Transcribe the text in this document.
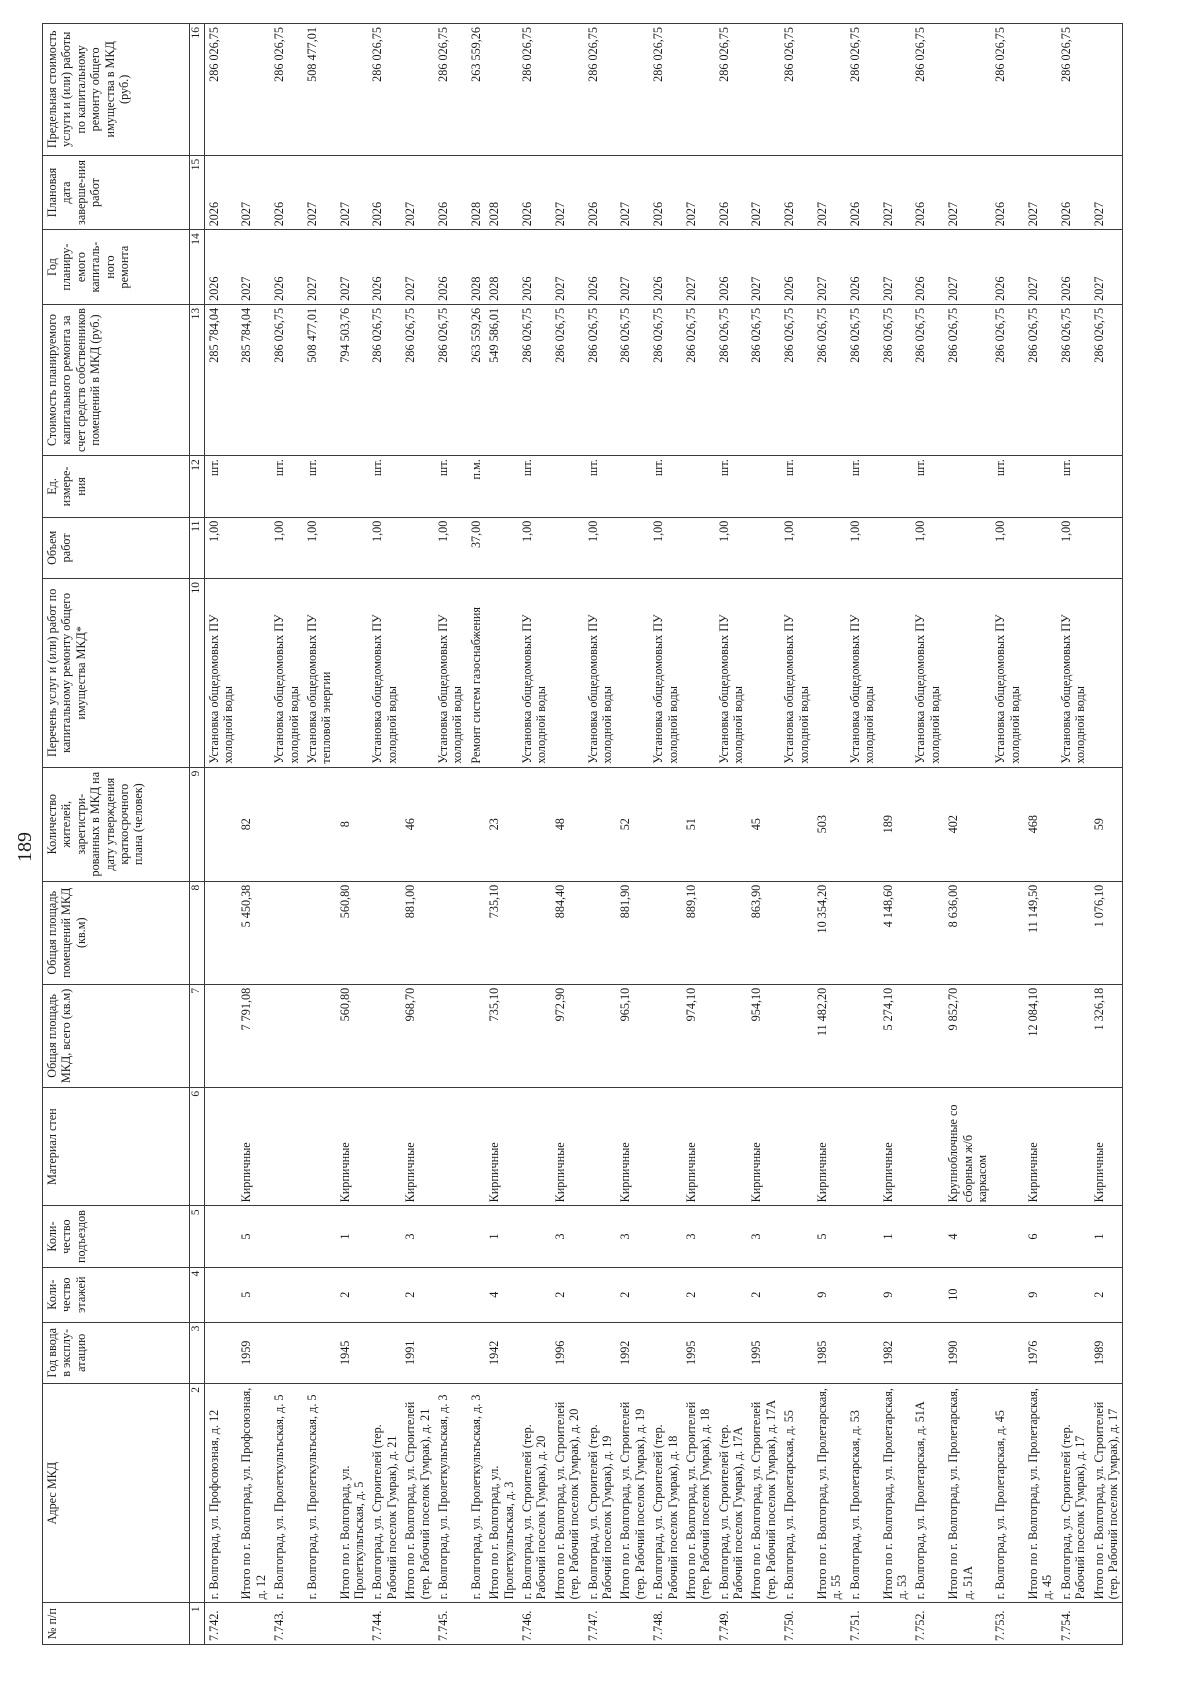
189
№ п/п	Адрес МКД	Год ввода в эксплу-атацию	Коли-чество этажей	Коли-чество подъездов	Материал стен	Общая площадь МКД, всего (кв.м)	Общая площадь помещений МКД (кв.м)	Количество жителей, зарегистри-рованных в МКД на дату утверждения краткосрочного плана (человек)	Перечень услуг и (или) работ по капитальному ремонту общего имущества МКД*	Объем работ	Ед. измере-ния	Стоимость планируемого капитального ремонта за счет средств собственников помещений в МКД (руб.)	Год планиру-емого капиталь-ного ремонта	Плановая дата заверше-ния работ	Предельная стоимость услуги и (или) работы по капитальному ремонту общего имущества в МКД (руб.)
1	2	3	4	5	6	7	8	9	10	11	12	13	14	15	16
7.742.	г. Волгоград, ул. Профсоюзная, д. 12								Установка общедомовых ПУ холодной воды	1,00	шт.	285 784,04	2026	2026	286 026,75
	Итого по г. Волгоград, ул. Профсоюзная, д. 12	1959	5	5	Кирпичные	7 791,08	5 450,38	82				285 784,04	2027	2027	
7.743.	г. Волгоград, ул. Пролеткультьская, д. 5								Установка общедомовых ПУ холодной воды	1,00	шт.	286 026,75	2026	2026	286 026,75
	г. Волгоград, ул. Пролеткультьская, д. 5								Установка общедомовых ПУ тепловой энергии	1,00	шт.	508 477,01	2027	2027	508 477,01
	Итого по г. Волгоград, ул. Пролеткультьская, д. 5	1945	2	1	Кирпичные	560,80	560,80	8				794 503,76	2027	2027	
7.744.	г. Волгоград, ул. Строителей (тер. Рабочий поселок Гумрак), д. 21								Установка общедомовых ПУ холодной воды	1,00	шт.	286 026,75	2026	2026	286 026,75
	Итого по г. Волгоград, ул. Строителей (тер. Рабочий поселок Гумрак), д. 21	1991	2	3	Кирпичные	968,70	881,00	46				286 026,75	2027	2027	
7.745.	г. Волгоград, ул. Пролеткультьская, д. 3								Установка общедомовых ПУ холодной воды	1,00	шт.	286 026,75	2026	2026	286 026,75
	г. Волгоград, ул. Пролеткультьская, д. 3								Ремонт систем газоснабжения	37,00	п.м.	263 559,26	2028	2028	263 559,26
	Итого по г. Волгоград, ул. Пролеткультьская, д. 3	1942	4	1	Кирпичные	735,10	735,10	23				549 586,01	2028	2028	
7.746.	г. Волгоград, ул. Строителей (тер. Рабочий поселок Гумрак), д. 20								Установка общедомовых ПУ холодной воды	1,00	шт.	286 026,75	2026	2026	286 026,75
	Итого по г. Волгоград, ул. Строителей (тер. Рабочий поселок Гумрак), д. 20	1996	2	3	Кирпичные	972,90	884,40	48				286 026,75	2027	2027	
7.747.	г. Волгоград, ул. Строителей (тер. Рабочий поселок Гумрак), д. 19								Установка общедомовых ПУ холодной воды	1,00	шт.	286 026,75	2026	2026	286 026,75
	Итого по г. Волгоград, ул. Строителей (тер. Рабочий поселок Гумрак), д. 19	1992	2	3	Кирпичные	965,10	881,90	52				286 026,75	2027	2027	
7.748.	г. Волгоград, ул. Строителей (тер. Рабочий поселок Гумрак), д. 18								Установка общедомовых ПУ холодной воды	1,00	шт.	286 026,75	2026	2026	286 026,75
	Итого по г. Волгоград, ул. Строителей (тер. Рабочий поселок Гумрак), д. 18	1995	2	3	Кирпичные	974,10	889,10	51				286 026,75	2027	2027	
7.749.	г. Волгоград, ул. Строителей (тер. Рабочий поселок Гумрак), д. 17А								Установка общедомовых ПУ холодной воды	1,00	шт.	286 026,75	2026	2026	286 026,75
	Итого по г. Волгоград, ул. Строителей (тер. Рабочий поселок Гумрак), д. 17А	1995	2	3	Кирпичные	954,10	863,90	45				286 026,75	2027	2027	
7.750.	г. Волгоград, ул. Пролетарская, д. 55								Установка общедомовых ПУ холодной воды	1,00	шт.	286 026,75	2026	2026	286 026,75
	Итого по г. Волгоград, ул. Пролетарская, д. 55	1985	9	5	Кирпичные	11 482,20	10 354,20	503				286 026,75	2027	2027	
7.751.	г. Волгоград, ул. Пролетарская, д. 53								Установка общедомовых ПУ холодной воды	1,00	шт.	286 026,75	2026	2026	286 026,75
	Итого по г. Волгоград, ул. Пролетарская, д. 53	1982	9	1	Кирпичные	5 274,10	4 148,60	189				286 026,75	2027	2027	
7.752.	г. Волгоград, ул. Пролетарская, д. 51А								Установка общедомовых ПУ холодной воды	1,00	шт.	286 026,75	2026	2026	286 026,75
	Итого по г. Волгоград, ул. Пролетарская, д. 51А	1990	10	4	Крупноблочные со сборным ж/б каркасом	9 852,70	8 636,00	402				286 026,75	2027	2027	
7.753.	г. Волгоград, ул. Пролетарская, д. 45								Установка общедомовых ПУ холодной воды	1,00	шт.	286 026,75	2026	2026	286 026,75
	Итого по г. Волгоград, ул. Пролетарская, д. 45	1976	9	6	Кирпичные	12 084,10	11 149,50	468				286 026,75	2027	2027	
7.754.	г. Волгоград, ул. Строителей (тер. Рабочий поселок Гумрак), д. 17								Установка общедомовых ПУ холодной воды	1,00	шт.	286 026,75	2026	2026	286 026,75
	Итого по г. Волгоград, ул. Строителей (тер. Рабочий поселок Гумрак), д. 17	1989	2	1	Кирпичные	1 326,18	1 076,10	59				286 026,75	2027	2027	
